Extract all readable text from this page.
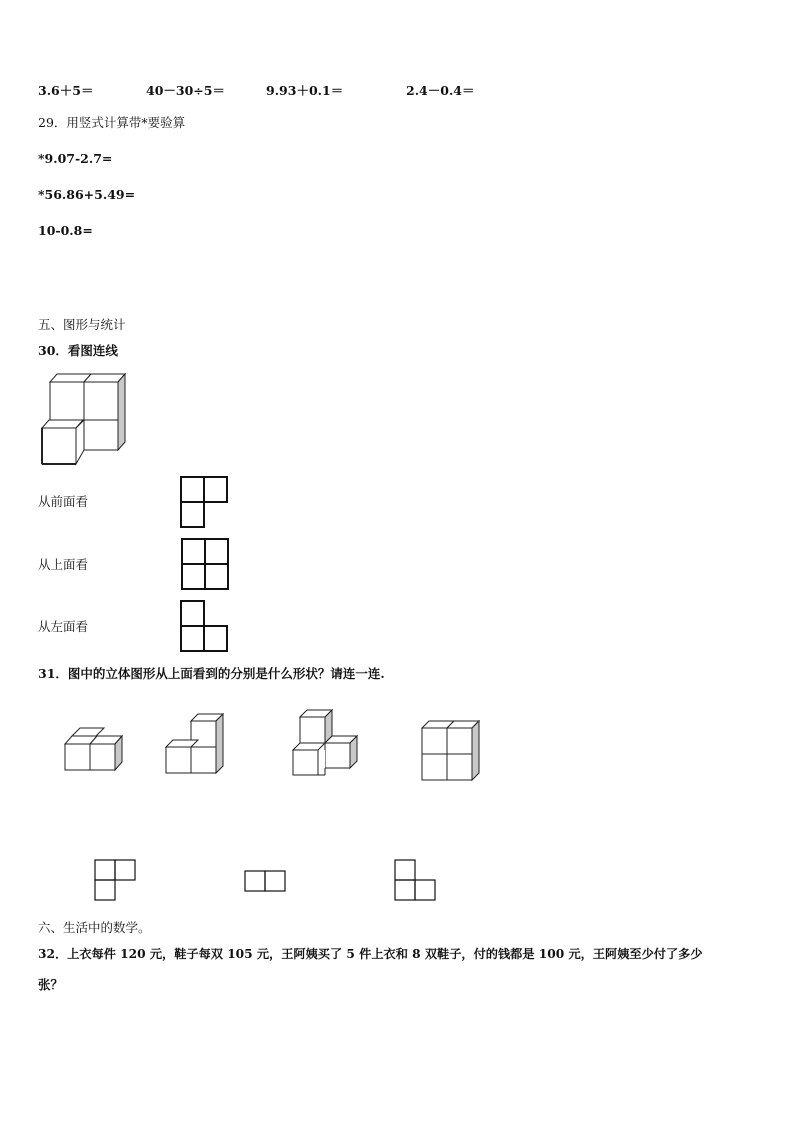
3.6＋5＝	40－30÷5＝	9.93＋0.1＝	2.4－0.4＝
29．用竖式计算带*要验算
*9.07-2.7=
*56.86+5.49=
10-0.8=
五、图形与统计
30．看图连线
从前面看
从上面看
从左面看
31．图中的立体图形从上面看到的分别是什么形状？请连一连.
六、生活中的数学。
32．上衣每件 120 元，鞋子每双 105 元，王阿姨买了 5 件上衣和 8 双鞋子，付的钱都是 100 元，王阿姨至少付了多少
张？
